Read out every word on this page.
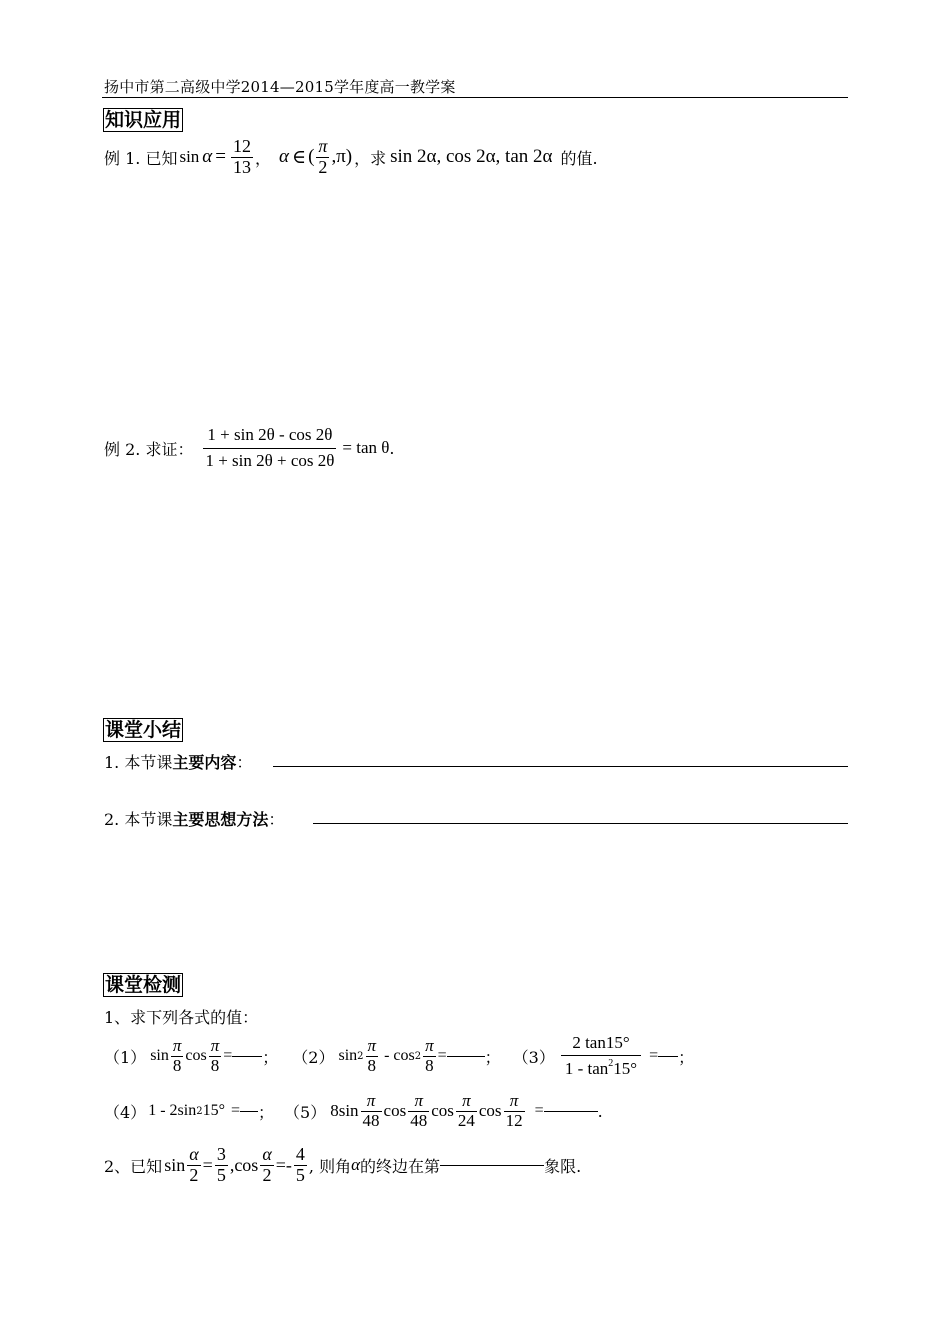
扬中市第二高级中学2014—2015学年度高一教学案
知识应用
例 1. 已知 $\sin \alpha = \frac{12}{13}$ ， α ∈ ( $\frac{\pi}{2} ,\pi$) ，求 sin 2α, cos 2α, tan 2α 的值.
例 2. 求证： $\frac{1 + \sin 2\theta - \cos 2\theta}{1 + \sin 2\theta + \cos 2\theta} = \tan \theta$ .
课堂小结
1. 本节课主要内容：
2. 本节课主要思想方法：
课堂检测
1、求下列各式的值：
（1） $\sin \frac{\pi}{8}$ $\cos \frac{\pi}{8}$ = ； （2） $\sin 2 \frac{\pi}{8}$ - $\cos 2 \frac{\pi}{8}$ = ； $(3) \frac{2 \tan 15^\circ}{1 - \tan^215^\circ}$ = ；
（4） 1 - 2sin 2 15° = ； （5） $8\sin \frac{\pi}{48}$ $\cos \frac{\pi}{48}$ $\cos \frac{\pi}{24}$ $\cos \frac{\pi}{12}$ =	.
2、已知 $\sin \frac{\alpha}{2} = \frac{3}{5}$ , $\cos \frac{\alpha}{2} =- \frac{4}{5}$ , 则角 α 的终边在第	象限.
